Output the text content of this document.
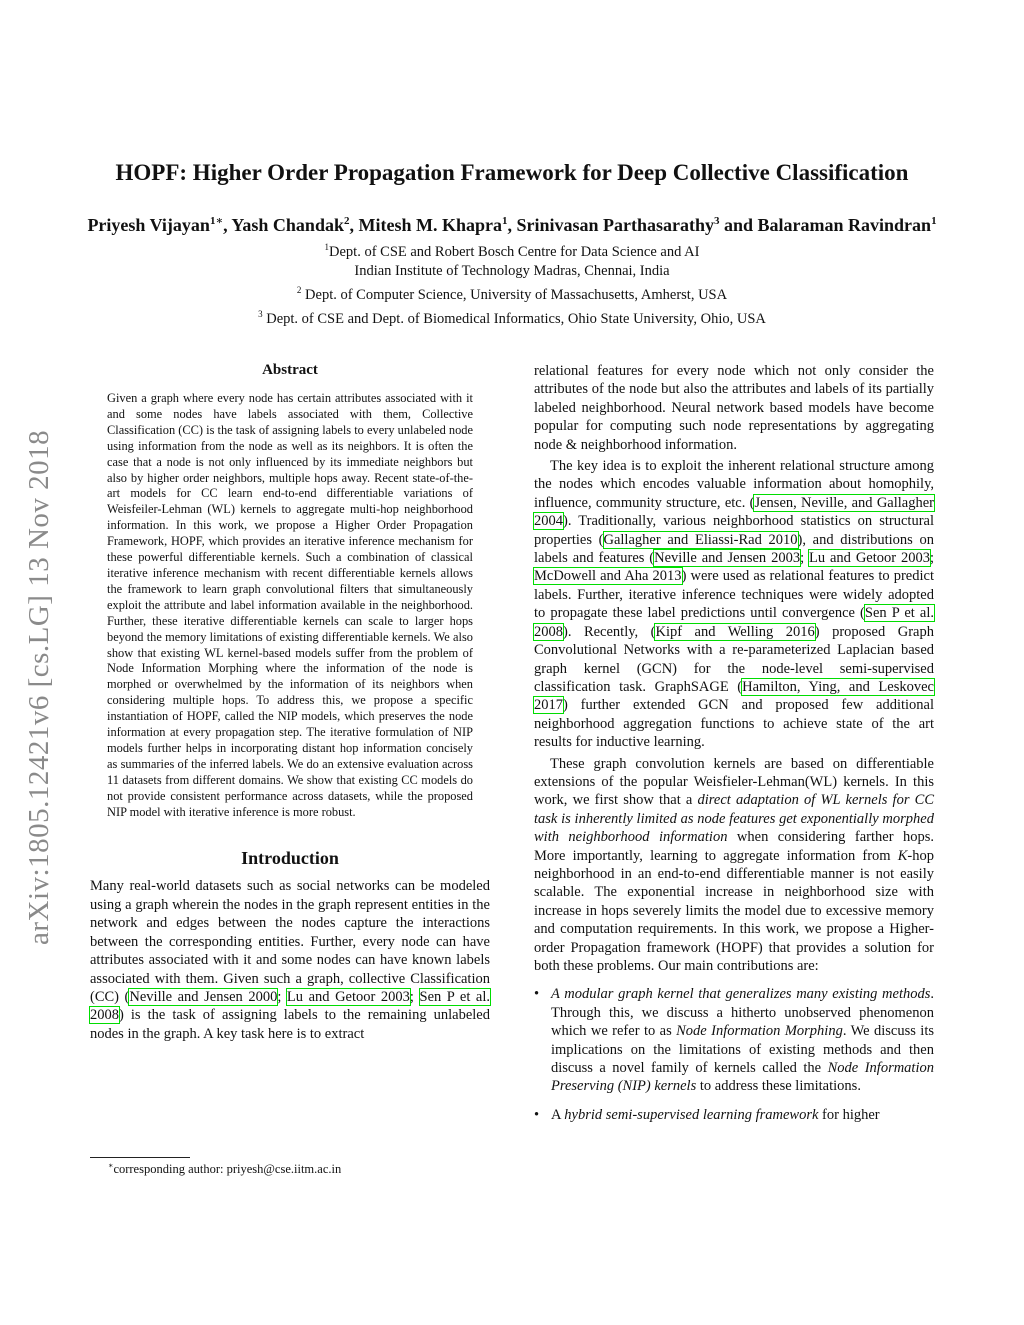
HOPF: Higher Order Propagation Framework for Deep Collective Classification
Priyesh Vijayan$^{1∗}$, Yash Chandak$^2$, Mitesh M. Khapra$^1$, Srinivasan Parthasarathy$^3$ and Balaraman Ravindran$^1$
$^1$Dept. of CSE and Robert Bosch Centre for Data Science and AI
Indian Institute of Technology Madras, Chennai, India
$^2$ Dept. of Computer Science, University of Massachusetts, Amherst, USA
$^3$ Dept. of CSE and Dept. of Biomedical Informatics, Ohio State University, Ohio, USA
arXiv:1805.12421v6 [cs.LG] 13 Nov 2018
Abstract
Given a graph where every node has certain attributes associated with it and some nodes have labels associated with them, Collective Classification (CC) is the task of assigning labels to every unlabeled node using information from the node as well as its neighbors. It is often the case that a node is not only influenced by its immediate neighbors but also by higher order neighbors, multiple hops away. Recent state-of-the-art models for CC learn end-to-end differentiable variations of Weisfeiler-Lehman (WL) kernels to aggregate multi-hop neighborhood information. In this work, we propose a Higher Order Propagation Framework, HOPF, which provides an iterative inference mechanism for these powerful differentiable kernels. Such a combination of classical iterative inference mechanism with recent differentiable kernels allows the framework to learn graph convolutional filters that simultaneously exploit the attribute and label information available in the neighborhood. Further, these iterative differentiable kernels can scale to larger hops beyond the memory limitations of existing differentiable kernels. We also show that existing WL kernel-based models suffer from the problem of Node Information Morphing where the information of the node is morphed or overwhelmed by the information of its neighbors when considering multiple hops. To address this, we propose a specific instantiation of HOPF, called the NIP models, which preserves the node information at every propagation step. The iterative formulation of NIP models further helps in incorporating distant hop information concisely as summaries of the inferred labels. We do an extensive evaluation across 11 datasets from different domains. We show that existing CC models do not provide consistent performance across datasets, while the proposed NIP model with iterative inference is more robust.
Introduction

Many real-world datasets such as social networks can be modeled using a graph wherein the nodes in the graph represent entities in the network and edges between the nodes capture the interactions between the corresponding entities. Further, every node can have attributes associated with it and some nodes can have known labels associated with them. Given such a graph, collective Classification (CC) (Neville and Jensen 2000; Lu and Getoor 2003; Sen P et al. 2008) is the task of assigning labels to the remaining unlabeled nodes in the graph. A key task here is to extract

relational features for every node which not only consider the attributes of the node but also the attributes and labels of its partially labeled neighborhood. Neural network based models have become popular for computing such node representations by aggregating node & neighborhood information.

The key idea is to exploit the inherent relational structure among the nodes which encodes valuable information about homophily, influence, community structure, etc. (Jensen, Neville, and Gallagher 2004). Traditionally, various neighborhood statistics on structural properties (Gallagher and Eliassi-Rad 2010), and distributions on labels and features (Neville and Jensen 2003; Lu and Getoor 2003; McDowell and Aha 2013) were used as relational features to predict labels. Further, iterative inference techniques were widely adopted to propagate these label predictions until convergence (Sen P et al. 2008). Recently, (Kipf and Welling 2016) proposed Graph Convolutional Networks with a re-parameterized Laplacian based graph kernel (GCN) for the node-level semi-supervised classification task. GraphSAGE (Hamilton, Ying, and Leskovec 2017) further extended GCN and proposed few additional neighborhood aggregation functions to achieve state of the art results for inductive learning.

These graph convolution kernels are based on differentiable extensions of the popular Weisfieler-Lehman(WL) kernels. In this work, we first show that a direct adaptation of WL kernels for CC task is inherently limited as node features get exponentially morphed with neighborhood information when considering farther hops. More importantly, learning to aggregate information from K-hop neighborhood in an end-to-end differentiable manner is not easily scalable. The exponential increase in neighborhood size with increase in hops severely limits the model due to excessive memory and computation requirements. In this work, we propose a Higher-order Propagation framework (HOPF) that provides a solution for both these problems. Our main contributions are:

• A modular graph kernel that generalizes many existing methods. Through this, we discuss a hitherto unobserved phenomenon which we refer to as Node Information Morphing. We discuss its implications on the limitations of existing methods and then discuss a novel family of kernels called the Node Information Preserving (NIP) kernels to address these limitations.
• A hybrid semi-supervised learning framework for higher
∗corresponding author: priyesh@cse.iitm.ac.in
